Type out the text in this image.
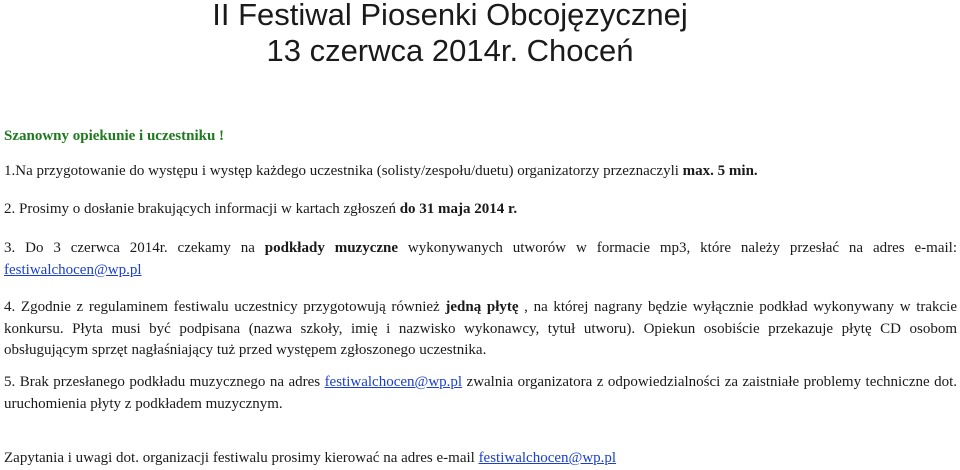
II Festiwal Piosenki Obcojęzycznej
13 czerwca 2014r. Choceń

Szanowny opiekunie i uczestniku !

1.Na przygotowanie do występu i występ każdego uczestnika (solisty/zespołu/duetu) organizatorzy przeznaczyli max. 5 min.

2. Prosimy o dosłanie brakujących informacji w kartach zgłoszeń do 31 maja 2014 r.

3. Do 3 czerwca 2014r. czekamy na podkłady muzyczne wykonywanych utworów w formacie mp3, które należy przesłać na adres e-mail: festiwalchocen@wp.pl

4. Zgodnie z regulaminem festiwalu uczestnicy przygotowują również jedną płytę , na której nagrany będzie wyłącznie podkład wykonywany w trakcie konkursu. Płyta musi być podpisana (nazwa szkoły, imię i nazwisko wykonawcy, tytuł utworu). Opiekun osobiście przekazuje płytę CD osobom obsługującym sprzęt nagłaśniający tuż przed występem zgłoszonego uczestnika.

5. Brak przesłanego podkładu muzycznego na adres festiwalchocen@wp.pl zwalnia organizatora z odpowiedzialności za zaistniałe problemy techniczne dot. uruchomienia płyty z podkładem muzycznym.

Zapytania i uwagi dot. organizacji festiwalu prosimy kierować na adres e-mail festiwalchocen@wp.pl
